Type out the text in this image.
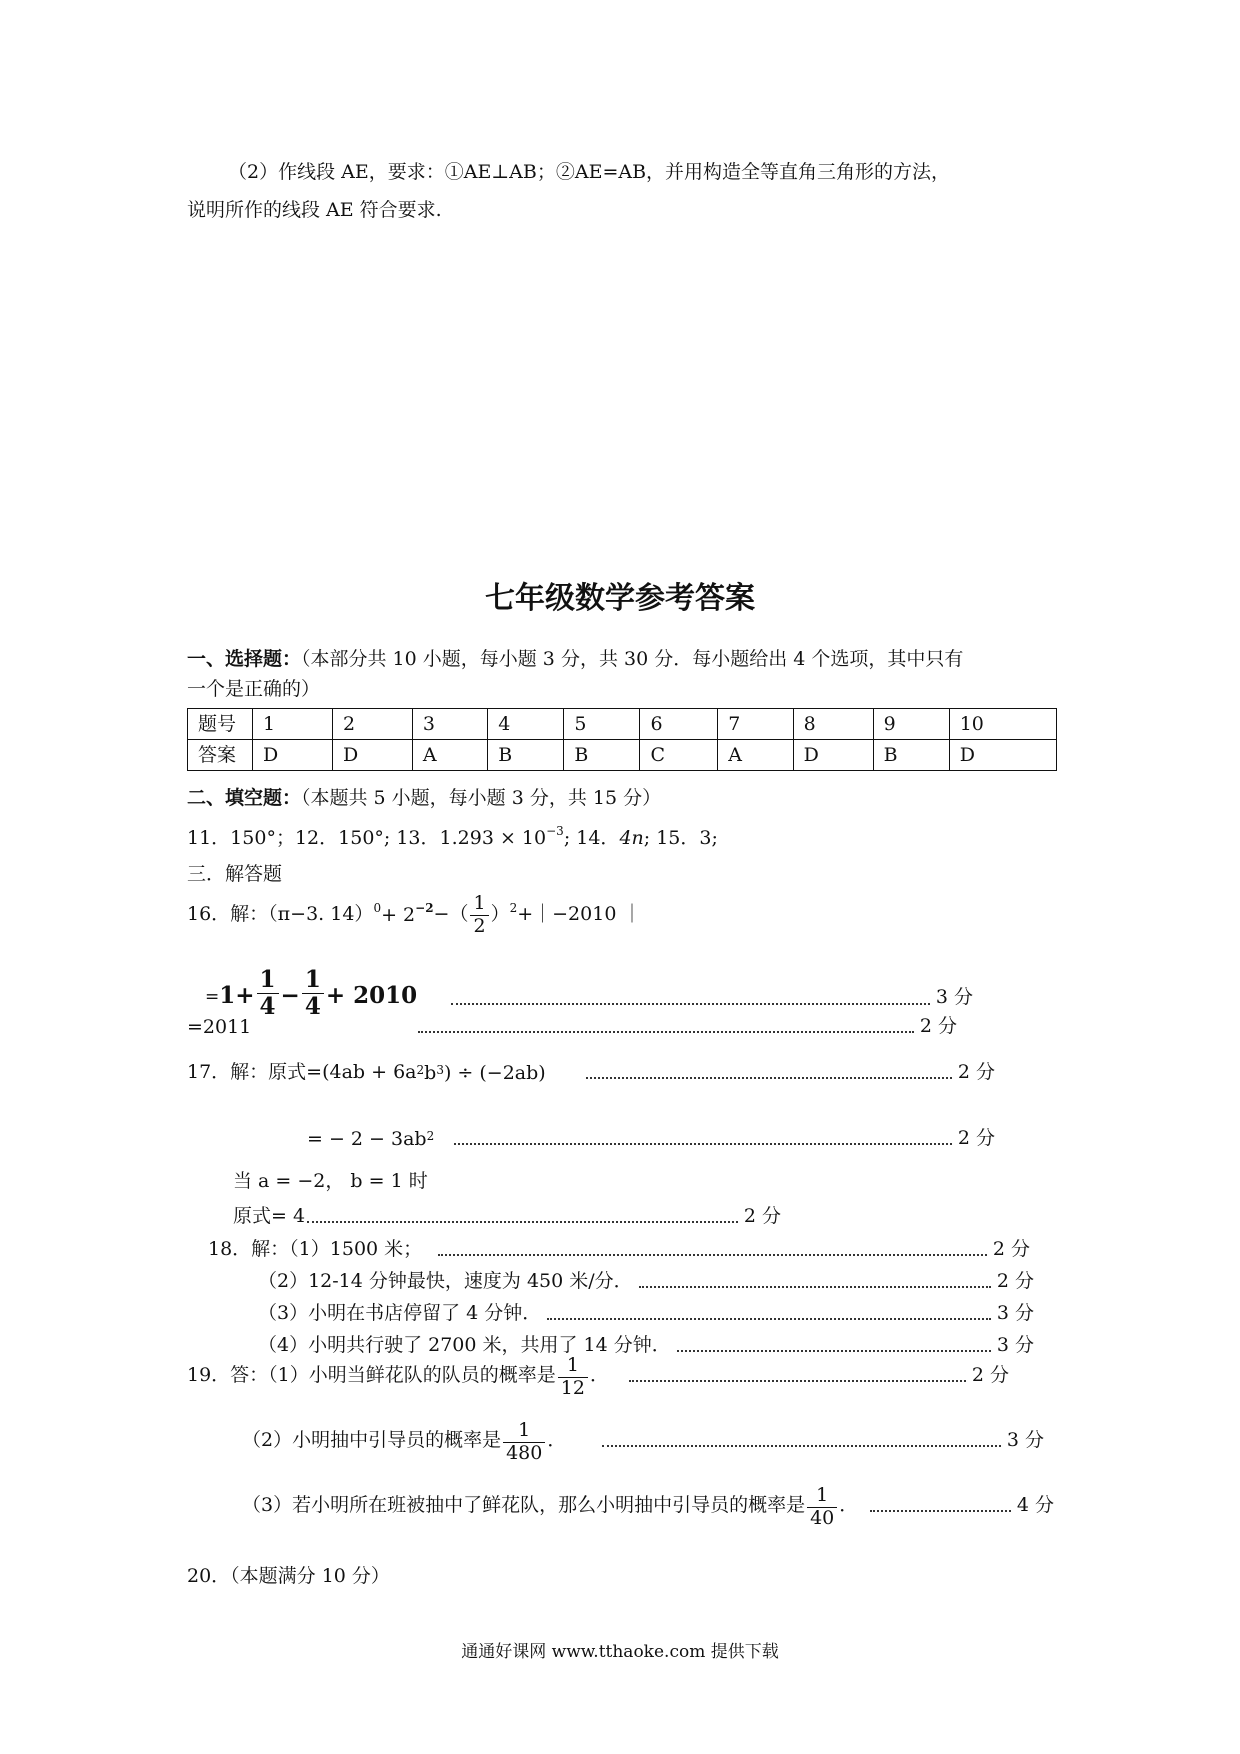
（2）作线段 AE，要求：①AE⊥AB；②AE=AB，并用构造全等直角三角形的方法，
说明所作的线段 AE 符合要求.
七年级数学参考答案
一、选择题：（本部分共 10 小题，每小题 3 分，共 30 分．每小题给出 4 个选项，其中只有
一个是正确的）
题号	1	2	3	4	5	6	7	8	9	10
答案	D	D	A	B	B	C	A	D	B	D
二、填空题：（本题共 5 小题，每小题 3 分，共 15 分）
11．150°；12．150°; 13．$1.293 \times 10^{-3}$; 14．4n; 15．3;
三．解答题
16．解：（π−3. 14） 0 + 2 −2 −（ $\frac{1}{2}$ ） 2 +｜−2010 ｜
= $1+ \frac{1}{4} - \frac{1}{4} + 2010$	3 分
=2011	2 分
17．解：原式=(4ab + 6a 2 b 3 ) ÷ (−2ab)	2 分
= − 2 − 3ab 2	2 分
当 a = −2， b = 1 时
原式= 4	2 分
18．解：（1）1500 米；	2 分
（2）12-14 分钟最快，速度为 450 米/分．	2 分
（3）小明在书店停留了 4 分钟．	3 分
（4）小明共行驶了 2700 米，共用了 14 分钟．	3 分
19．答：（1）小明当鲜花队的队员的概率是 $\frac{1}{12}$ ．	2 分
（2）小明抽中引导员的概率是 $\frac{1}{480}$ ．	3 分
（3）若小明所在班被抽中了鲜花队，那么小明抽中引导员的概率是 $\frac{1}{40}$ ．	4 分
20．（本题满分 10 分）
通通好课网 www.tthaoke.com 提供下载
